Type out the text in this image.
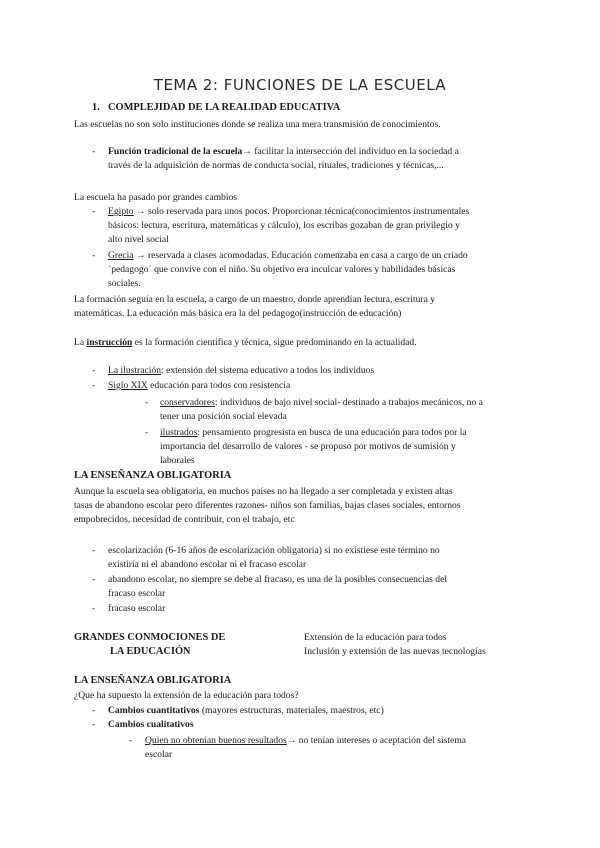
TEMA 2: FUNCIONES DE LA ESCUELA
1. COMPLEJIDAD DE LA REALIDAD EDUCATIVA
Las escuelas no son solo instituciones donde se realiza una mera transmisión de conocimientos.
- Función tradicional de la escuela→ facilitar la intersección del individuo en la sociedad a
través de la adquisición de normas de conducta social, rituales, tradiciones y técnicas,...
La escuela ha pasado por grandes cambios
- Egipto → solo reservada para unos pocos. Proporcionar técnica(conocimientos instrumentales
básicos: lectura, escritura, matemáticas y cálculo), los escribas gozaban de gran privilegio y
alto nivel social
- Grecia → reservada a clases acomodadas. Educación comenzaba en casa a cargo de un criado
`pedagogo´ que convive con el niño. Su objetivo era inculcar valores y habilidades básicas
sociales.
La formación seguía en la escuela, a cargo de un maestro, donde aprendían lectura, escritura y
matemáticas. La educación más básica era la del pedagogo(instrucción de educación)
La instrucción es la formación científica y técnica, sigue predominando en la actualidad.
- La ilustración: extensión del sistema educativo a todos los individuos
- Siglo XIX educación para todos con resistencia
- conservadores: individuos de bajo nivel social- destinado a trabajos mecánicos, no a
tener una posición social elevada
- ilustrados: pensamiento progresista en busca de una educación para todos por la
importancia del desarrollo de valores - se propuso por motivos de sumisión y
laborales
LA ENSEÑANZA OBLIGATORIA
Aunque la escuela sea obligatoria, en muchos países no ha llegado a ser completada y existen altas
tasas de abandono escolar pero diferentes razones- niños son familias, bajas clases sociales, entornos
empobrecidos, necesidad de contribuir, con el trabajo, etc
- escolarización (6-16 años de escolarización obligatoria) si no existiese este término no
existiría ni el abandono escolar ni el fracaso escolar
- abandono escolar, no siempre se debe al fracaso, es una de la posibles consecuencias del
fracaso escolar
- fracaso escolar
GRANDES CONMOCIONES DE
LA EDUCACIÓN
Extensión de la educación para todos
Inclusión y extensión de las nuevas tecnologías
LA ENSEÑANZA OBLIGATORIA
¿Que ha supuesto la extensión de la educación para todos?
- Cambios cuantitativos (mayores estructuras, materiales, maestros, etc)
- Cambios cualitativos
- Quien no obtenían buenos resultados→ no tenían intereses o aceptación del sistema
escolar
